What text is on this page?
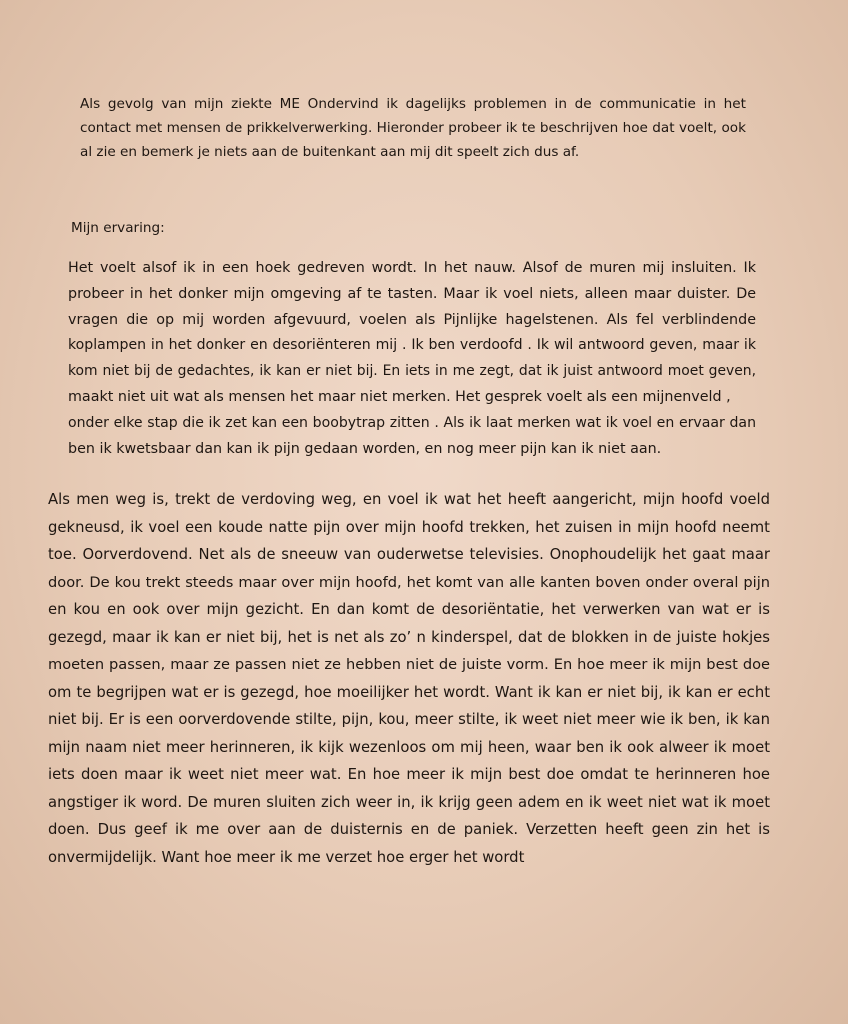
Als gevolg van mijn ziekte ME Ondervind ik dagelijks problemen in de communicatie in het
contact met mensen de prikkelverwerking. Hieronder probeer ik te beschrijven hoe dat voelt, ook
al zie en bemerk je niets aan de buitenkant aan mij dit speelt zich dus af.
Mijn ervaring:
Het voelt alsof ik in een hoek gedreven wordt. In het nauw. Alsof de muren mij insluiten. Ik
probeer in het donker mijn omgeving af te tasten. Maar ik voel niets, alleen maar duister. De
vragen die op mij worden afgevuurd, voelen als Pijnlijke hagelstenen. Als fel verblindende
koplampen in het donker en desoriënteren mij . Ik ben verdoofd . Ik wil antwoord geven, maar ik
kom niet bij de gedachtes, ik kan er niet bij. En iets in me zegt, dat ik juist antwoord moet geven,
maakt niet uit wat als mensen het maar niet merken. Het gesprek voelt als een mijnenveld ,
onder elke stap die ik zet kan een boobytrap zitten . Als ik laat merken wat ik voel en ervaar dan
ben ik kwetsbaar dan kan ik pijn gedaan worden, en nog meer pijn kan ik niet aan.
Als men weg is, trekt de verdoving weg, en voel ik wat het heeft aangericht, mijn hoofd voeld
gekneusd, ik voel een koude natte pijn over mijn hoofd trekken, het zuisen in mijn hoofd neemt
toe. Oorverdovend. Net als de sneeuw van ouderwetse televisies. Onophoudelijk het gaat maar
door. De kou trekt steeds maar over mijn hoofd, het komt van alle kanten boven onder overal pijn
en kou en ook over mijn gezicht. En dan komt de desoriëntatie, het verwerken van wat er is
gezegd, maar ik kan er niet bij, het is net als zo’ n kinderspel, dat de blokken in de juiste hokjes
moeten passen, maar ze passen niet ze hebben niet de juiste vorm. En hoe meer ik mijn best doe
om te begrijpen wat er is gezegd, hoe moeilijker het wordt. Want ik kan er niet bij, ik kan er echt
niet bij. Er is een oorverdovende stilte, pijn, kou, meer stilte, ik weet niet meer wie ik ben, ik kan
mijn naam niet meer herinneren, ik kijk wezenloos om mij heen, waar ben ik ook alweer ik moet
iets doen maar ik weet niet meer wat. En hoe meer ik mijn best doe omdat te herinneren hoe
angstiger ik word. De muren sluiten zich weer in, ik krijg geen adem en ik weet niet wat ik moet
doen. Dus geef ik me over aan de duisternis en de paniek. Verzetten heeft geen zin het is
onvermijdelijk. Want hoe meer ik me verzet hoe erger het wordt
